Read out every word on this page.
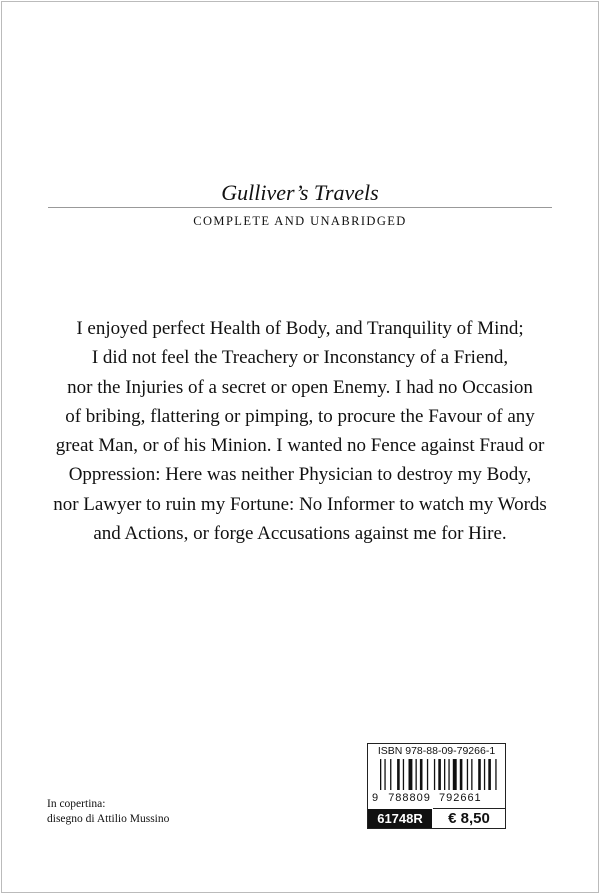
Gulliver’s Travels
COMPLETE AND UNABRIDGED
I enjoyed perfect Health of Body, and Tranquility of Mind;
I did not feel the Treachery or Inconstancy of a Friend,
nor the Injuries of a secret or open Enemy. I had no Occasion
of bribing, flattering or pimping, to procure the Favour of any
great Man, or of his Minion. I wanted no Fence against Fraud or
Oppression: Here was neither Physician to destroy my Body,
nor Lawyer to ruin my Fortune: No Informer to watch my Words
and Actions, or forge Accusations against me for Hire.
In copertina:
disegno di Attilio Mussino
ISBN 978-88-09-79266-1
9 788809 792661
61748R	€ 8,50
